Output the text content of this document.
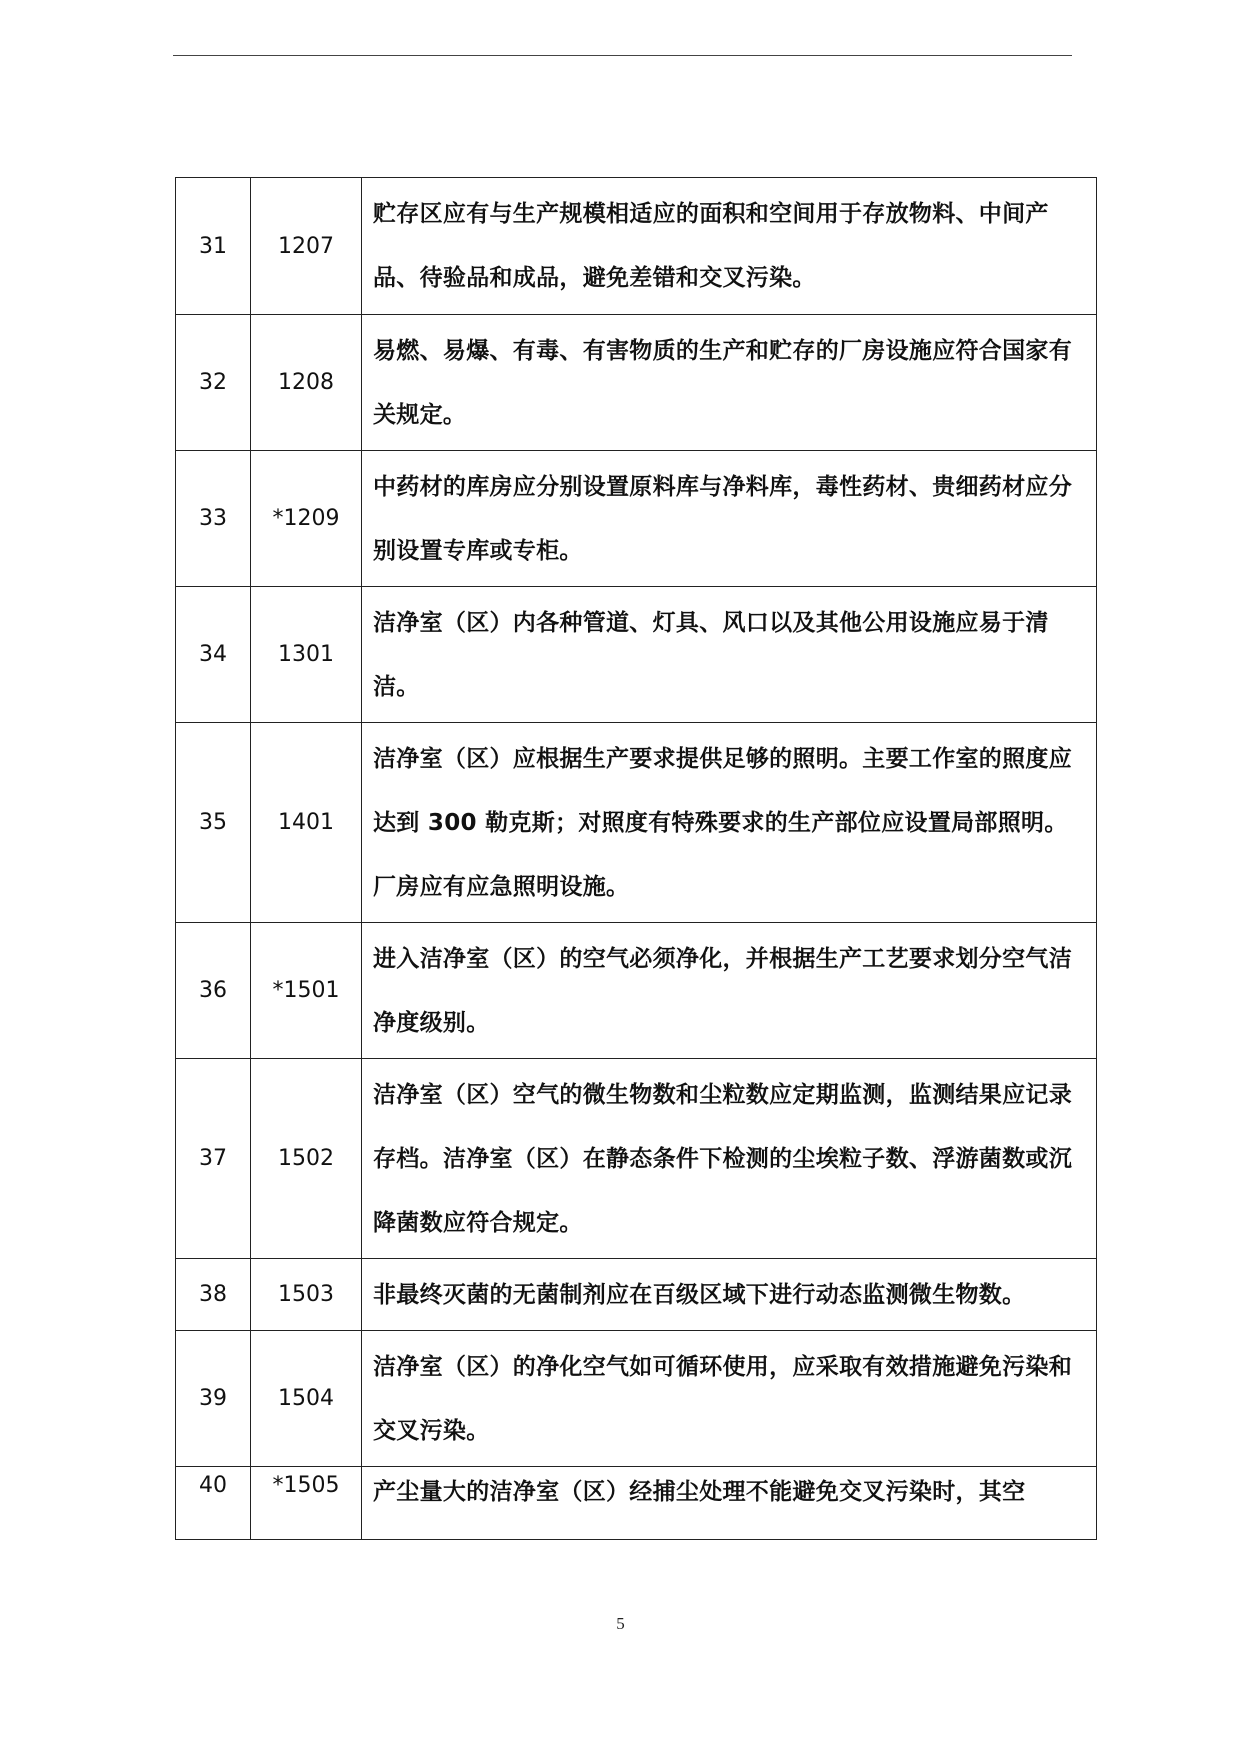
31	1207	贮存区应有与生产规模相适应的面积和空间用于存放物料、中间产品、待验品和成品，避免差错和交叉污染。
32	1208	易燃、易爆、有毒、有害物质的生产和贮存的厂房设施应符合国家有关规定。
33	*1209	中药材的库房应分别设置原料库与净料库，毒性药材、贵细药材应分别设置专库或专柜。
34	1301	洁净室（区）内各种管道、灯具、风口以及其他公用设施应易于清洁。
35	1401	洁净室（区）应根据生产要求提供足够的照明。主要工作室的照度应达到 300 勒克斯；对照度有特殊要求的生产部位应设置局部照明。厂房应有应急照明设施。
36	*1501	进入洁净室（区）的空气必须净化，并根据生产工艺要求划分空气洁净度级别。
37	1502	洁净室（区）空气的微生物数和尘粒数应定期监测，监测结果应记录存档。洁净室（区）在静态条件下检测的尘埃粒子数、浮游菌数或沉降菌数应符合规定。
38	1503	非最终灭菌的无菌制剂应在百级区域下进行动态监测微生物数。
39	1504	洁净室（区）的净化空气如可循环使用，应采取有效措施避免污染和交叉污染。
40	*1505	产尘量大的洁净室（区）经捕尘处理不能避免交叉污染时，其空
5
